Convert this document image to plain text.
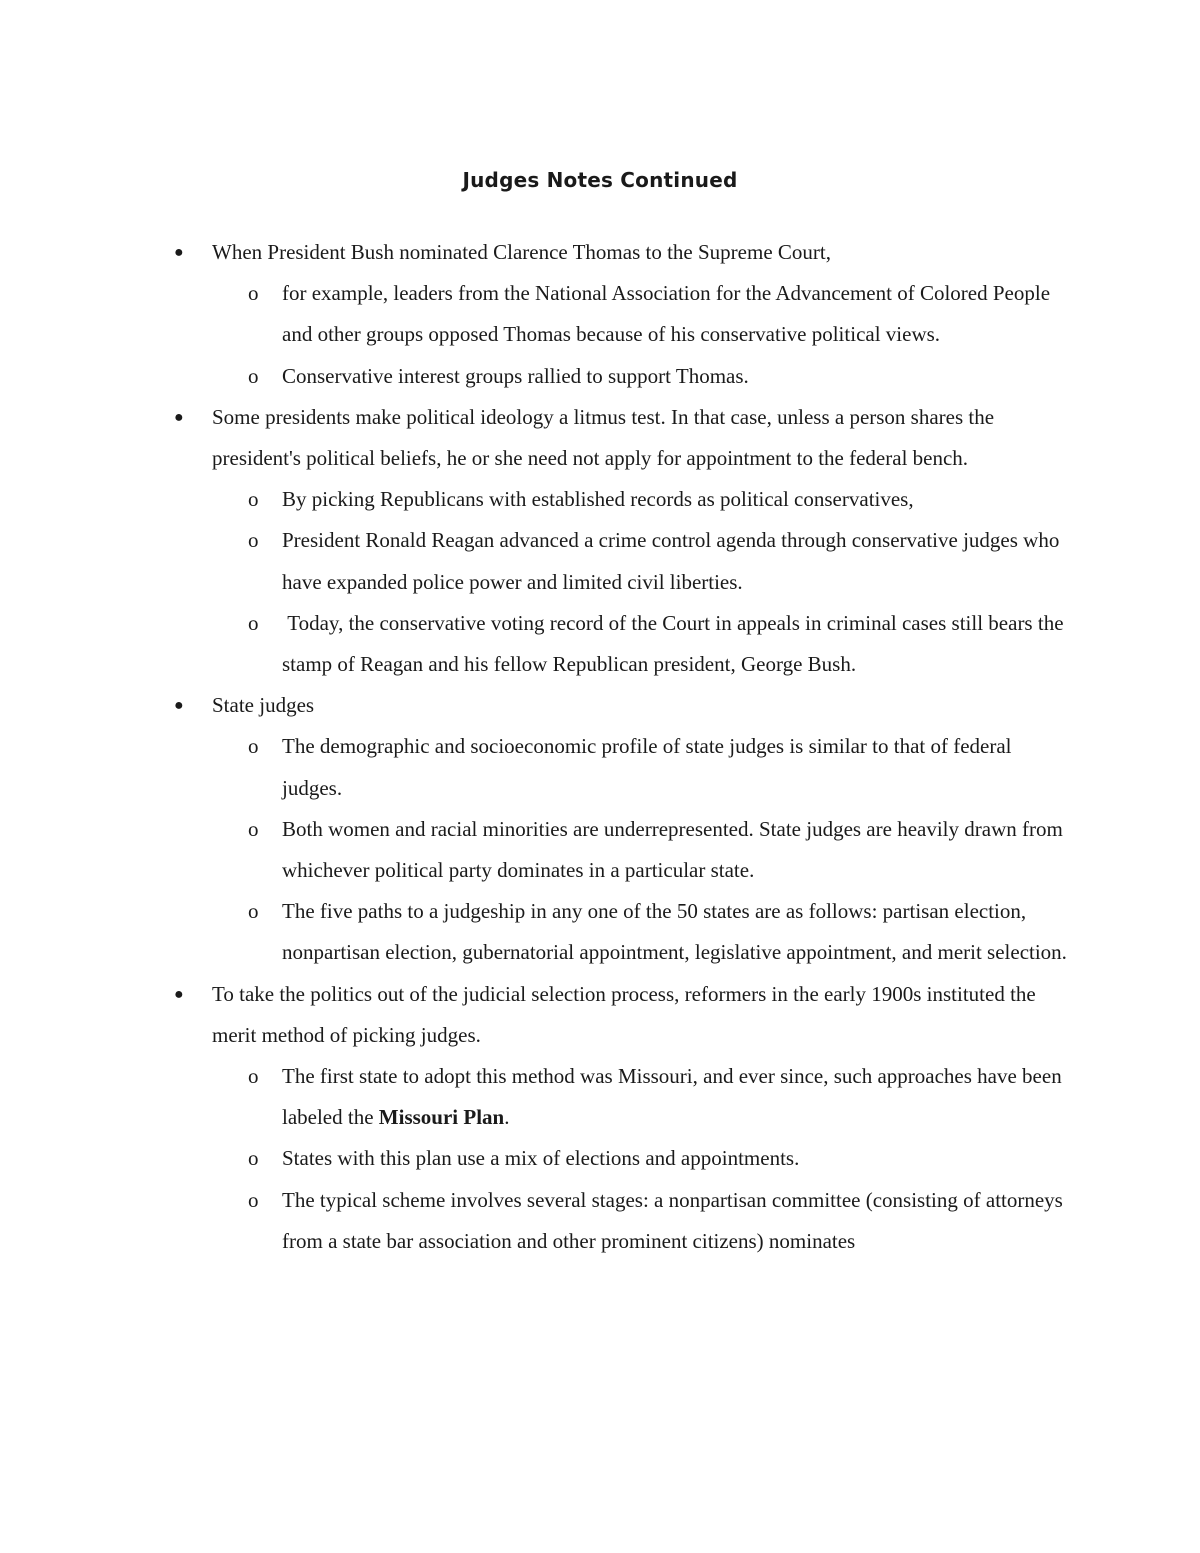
Judges Notes Continued
● When President Bush nominated Clarence Thomas to the Supreme Court,
o for example, leaders from the National Association for the Advancement of Colored People and other groups opposed Thomas because of his conservative political views.
o Conservative interest groups rallied to support Thomas.
● Some presidents make political ideology a litmus test. In that case, unless a person shares the president's political beliefs, he or she need not apply for appointment to the federal bench.
o By picking Republicans with established records as political conservatives,
o President Ronald Reagan advanced a crime control agenda through conservative judges who have expanded police power and limited civil liberties.
o Today, the conservative voting record of the Court in appeals in criminal cases still bears the stamp of Reagan and his fellow Republican president, George Bush.
● State judges
o The demographic and socioeconomic profile of state judges is similar to that of federal judges.
o Both women and racial minorities are underrepresented. State judges are heavily drawn from whichever political party dominates in a particular state.
o The five paths to a judgeship in any one of the 50 states are as follows: partisan election, nonpartisan election, gubernatorial appointment, legislative appointment, and merit selection.
● To take the politics out of the judicial selection process, reformers in the early 1900s instituted the merit method of picking judges.
o The first state to adopt this method was Missouri, and ever since, such approaches have been labeled the Missouri Plan.
o States with this plan use a mix of elections and appointments.
o The typical scheme involves several stages: a nonpartisan committee (consisting of attorneys from a state bar association and other prominent citizens) nominates
